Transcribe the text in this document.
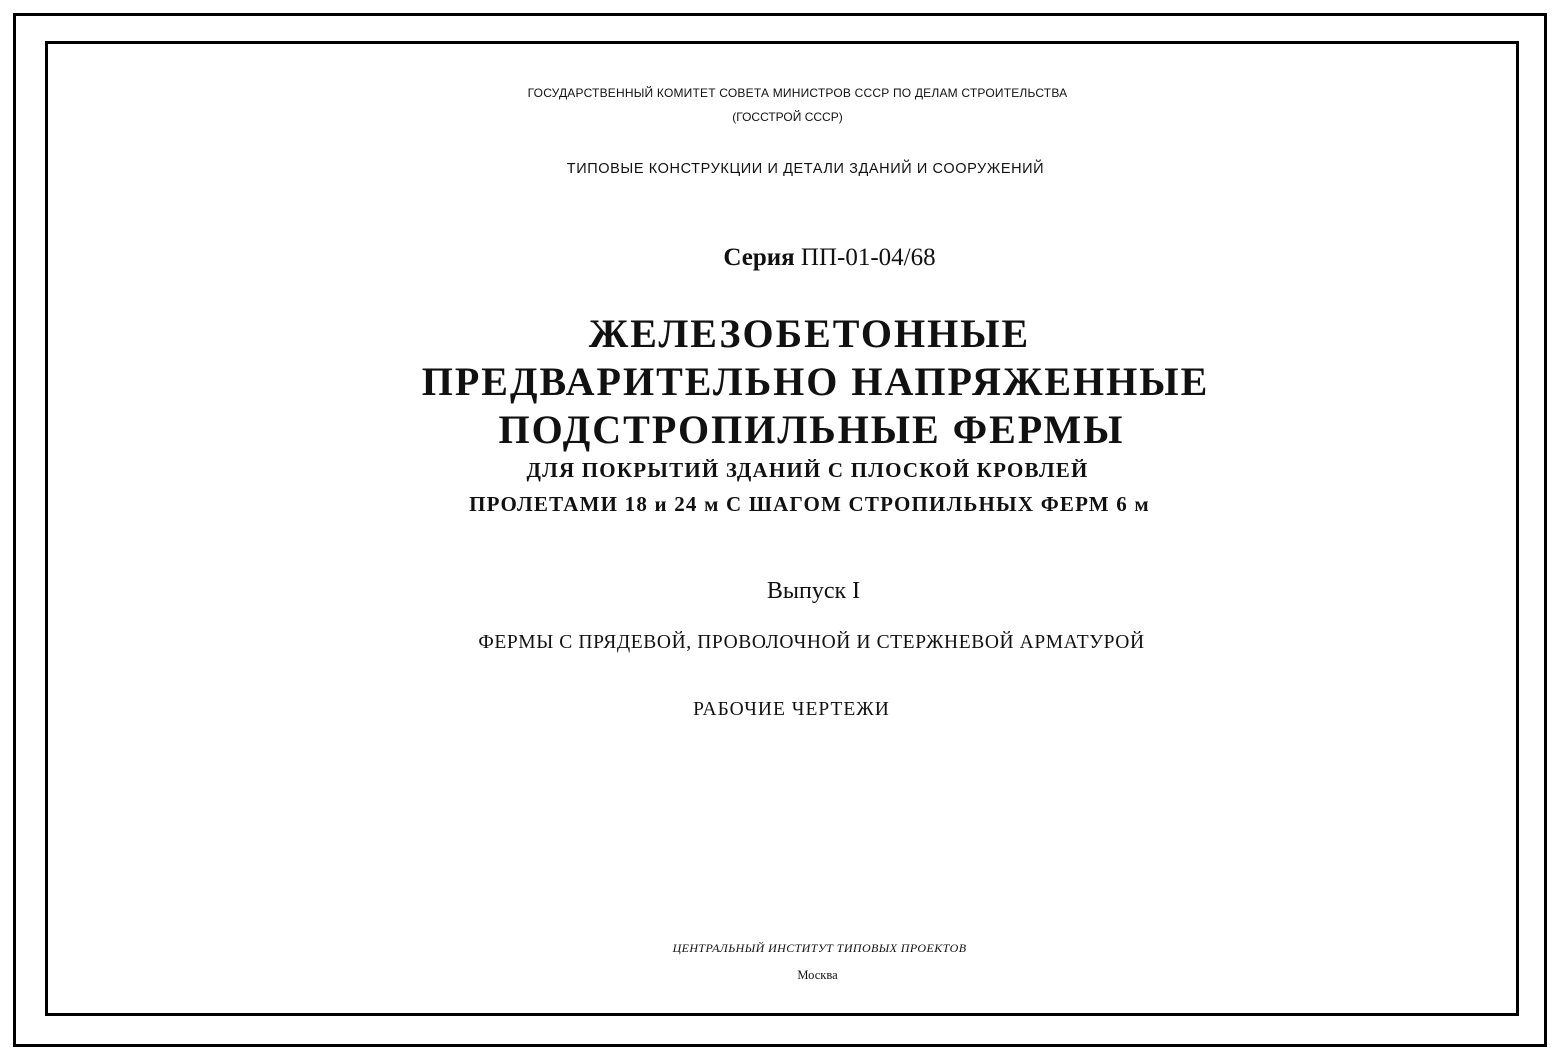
ГОСУДАРСТВЕННЫЙ КОМИТЕТ СОВЕТА МИНИСТРОВ СССР ПО ДЕЛАМ СТРОИТЕЛЬСТВА
(ГОССТРОЙ СССР)
ТИПОВЫЕ КОНСТРУКЦИИ И ДЕТАЛИ ЗДАНИЙ И СООРУЖЕНИЙ
Серия ПП-01-04/68
ЖЕЛЕЗОБЕТОННЫЕ
ПРЕДВАРИТЕЛЬНО НАПРЯЖЕННЫЕ
ПОДСТРОПИЛЬНЫЕ ФЕРМЫ
ДЛЯ ПОКРЫТИЙ ЗДАНИЙ С ПЛОСКОЙ КРОВЛЕЙ
ПРОЛЕТАМИ 18 и 24 м С ШАГОМ СТРОПИЛЬНЫХ ФЕРМ 6 м
Выпуск I
ФЕРМЫ С ПРЯДЕВОЙ, ПРОВОЛОЧНОЙ И СТЕРЖНЕВОЙ АРМАТУРОЙ
РАБОЧИЕ ЧЕРТЕЖИ
ЦЕНТРАЛЬНЫЙ ИНСТИТУТ ТИПОВЫХ ПРОЕКТОВ
Москва
